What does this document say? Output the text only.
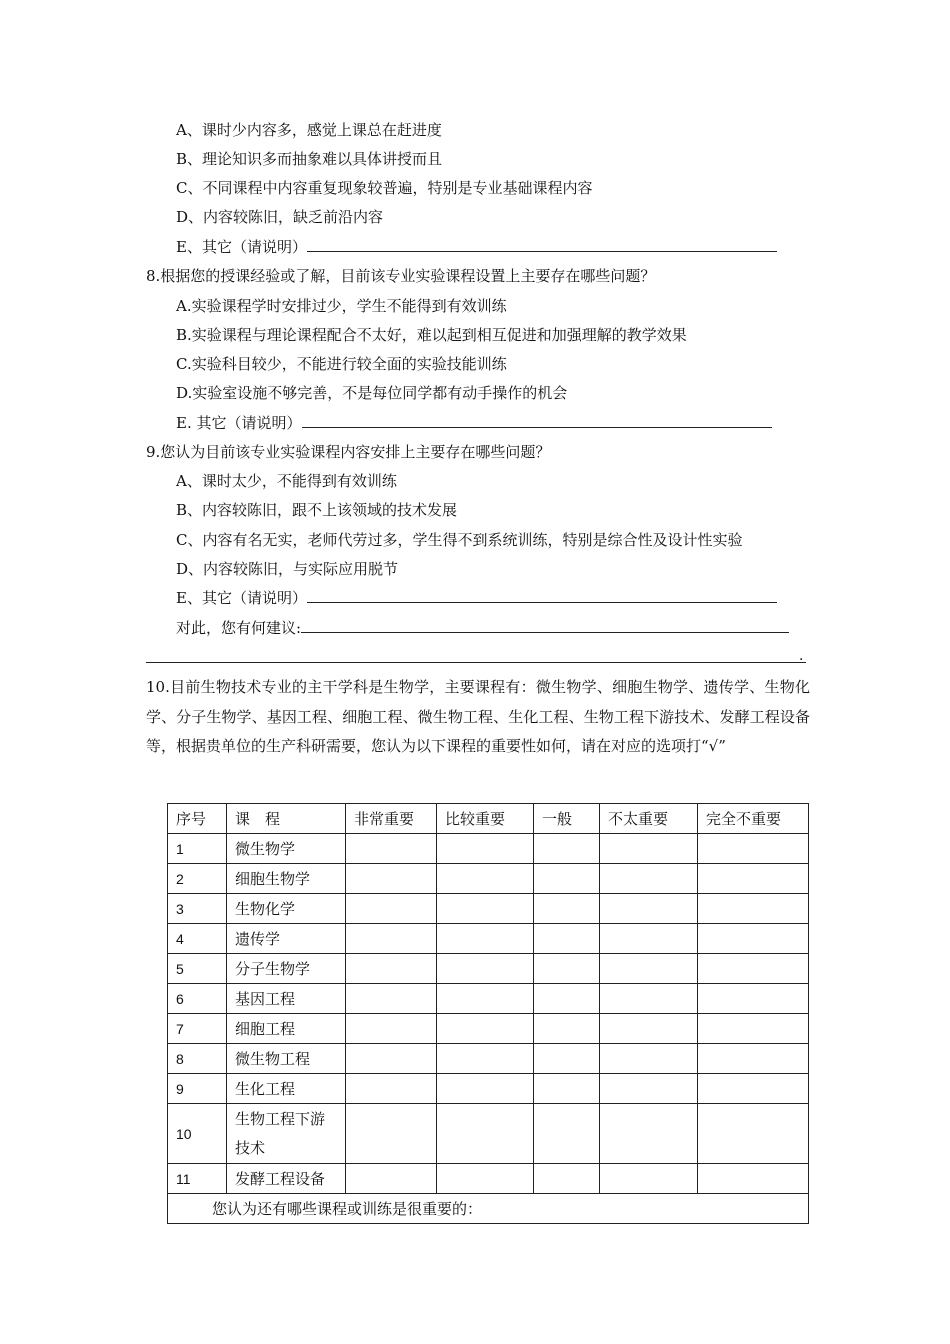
A、课时少内容多，感觉上课总在赶进度
B、理论知识多而抽象难以具体讲授而且
C、不同课程中内容重复现象较普遍，特别是专业基础课程内容
D、内容较陈旧，缺乏前沿内容
E、其它（请说明）
8.根据您的授课经验或了解，目前该专业实验课程设置上主要存在哪些问题？
A.实验课程学时安排过少，学生不能得到有效训练
B.实验课程与理论课程配合不太好，难以起到相互促进和加强理解的教学效果
C.实验科目较少，不能进行较全面的实验技能训练
D.实验室设施不够完善，不是每位同学都有动手操作的机会
E. 其它（请说明）
9.您认为目前该专业实验课程内容安排上主要存在哪些问题？
A、课时太少，不能得到有效训练
B、内容较陈旧，跟不上该领域的技术发展
C、内容有名无实，老师代劳过多，学生得不到系统训练，特别是综合性及设计性实验
D、内容较陈旧，与实际应用脱节
E、其它（请说明）
对此，您有何建议:
.
10.目前生物技术专业的主干学科是生物学，主要课程有：微生物学、细胞生物学、遗传学、生物化学、分子生物学、基因工程、细胞工程、微生物工程、生化工程、生物工程下游技术、发酵工程设备等，根据贵单位的生产科研需要，您认为以下课程的重要性如何，请在对应的选项打“√”
序号	课　程	非常重要	比较重要	一般	不太重要	完全不重要
1	微生物学					
2	细胞生物学					
3	生物化学					
4	遗传学					
5	分子生物学					
6	基因工程					
7	细胞工程					
8	微生物工程					
9	生化工程					
10	生物工程下游技术					
11	发酵工程设备					
您认为还有哪些课程或训练是很重要的：						
